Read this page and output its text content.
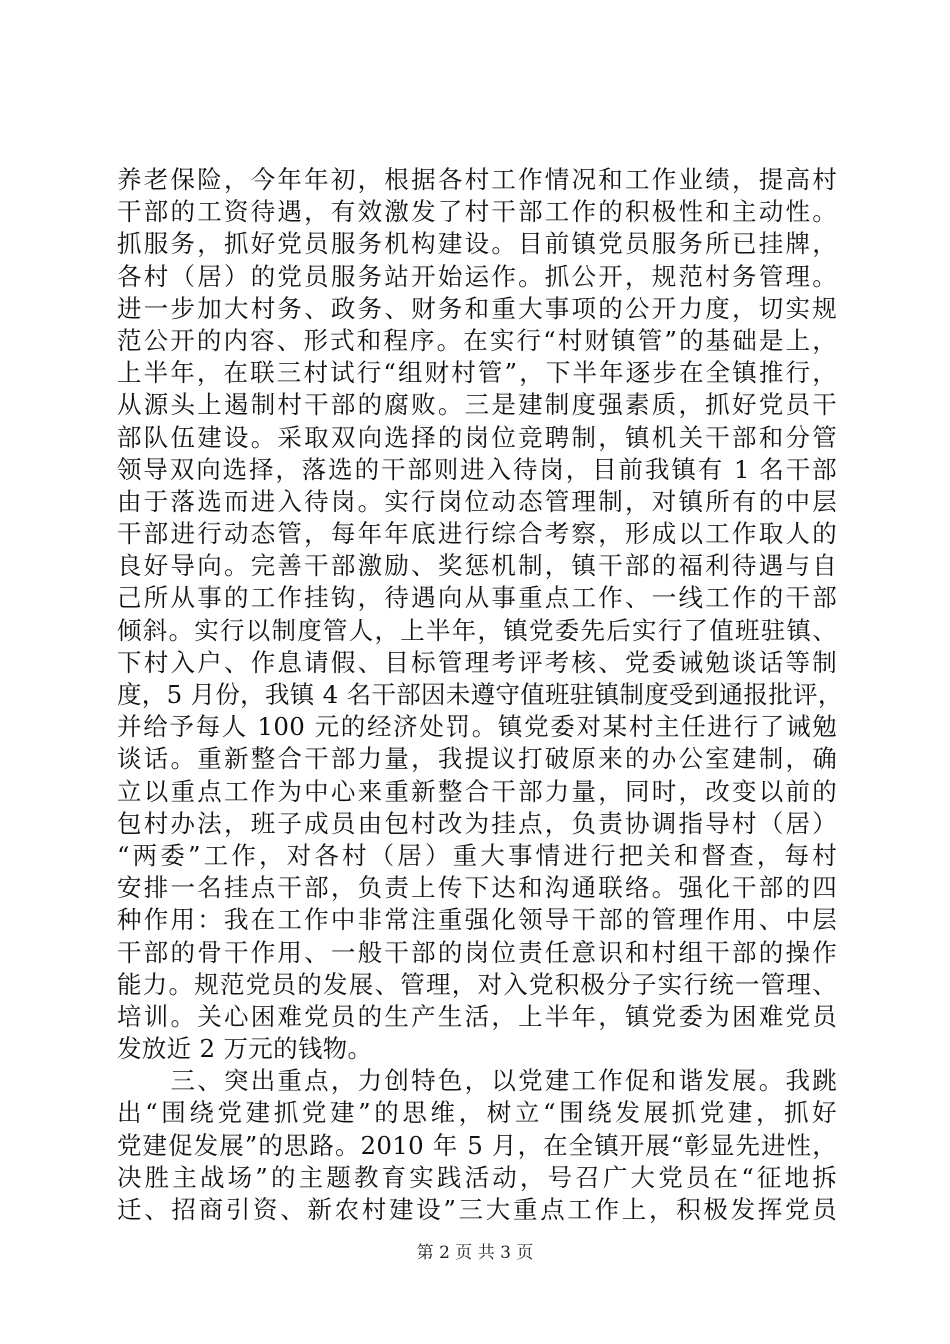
养老保险，今年年初，根据各村工作情况和工作业绩，提高村
干部的工资待遇，有效激发了村干部工作的积极性和主动性。
抓服务，抓好党员服务机构建设。目前镇党员服务所已挂牌，
各村（居）的党员服务站开始运作。抓公开，规范村务管理。
进一步加大村务、政务、财务和重大事项的公开力度，切实规
范公开的内容、形式和程序。在实行“村财镇管”的基础是上，
上半年，在联三村试行“组财村管”，下半年逐步在全镇推行，
从源头上遏制村干部的腐败。三是建制度强素质，抓好党员干
部队伍建设。采取双向选择的岗位竞聘制，镇机关干部和分管
领导双向选择，落选的干部则进入待岗，目前我镇有 1 名干部
由于落选而进入待岗。实行岗位动态管理制，对镇所有的中层
干部进行动态管，每年年底进行综合考察，形成以工作取人的
良好导向。完善干部激励、奖惩机制，镇干部的福利待遇与自
己所从事的工作挂钩，待遇向从事重点工作、一线工作的干部
倾斜。实行以制度管人，上半年，镇党委先后实行了值班驻镇、
下村入户、作息请假、目标管理考评考核、党委诫勉谈话等制
度，5 月份，我镇 4 名干部因未遵守值班驻镇制度受到通报批评，
并给予每人 100 元的经济处罚。镇党委对某村主任进行了诫勉
谈话。重新整合干部力量，我提议打破原来的办公室建制，确
立以重点工作为中心来重新整合干部力量，同时，改变以前的
包村办法，班子成员由包村改为挂点，负责协调指导村（居）
“两委”工作，对各村（居）重大事情进行把关和督查，每村
安排一名挂点干部，负责上传下达和沟通联络。强化干部的四
种作用：我在工作中非常注重强化领导干部的管理作用、中层
干部的骨干作用、一般干部的岗位责任意识和村组干部的操作
能力。规范党员的发展、管理，对入党积极分子实行统一管理、
培训。关心困难党员的生产生活，上半年，镇党委为困难党员
发放近 2 万元的钱物。
　　三、突出重点，力创特色，以党建工作促和谐发展。我跳
出“围绕党建抓党建”的思维，树立“围绕发展抓党建，抓好
党建促发展”的思路。2010 年 5 月，在全镇开展“彰显先进性，
决胜主战场”的主题教育实践活动，号召广大党员在“征地拆
迁、招商引资、新农村建设”三大重点工作上，积极发挥党员
第 2 页 共 3 页
